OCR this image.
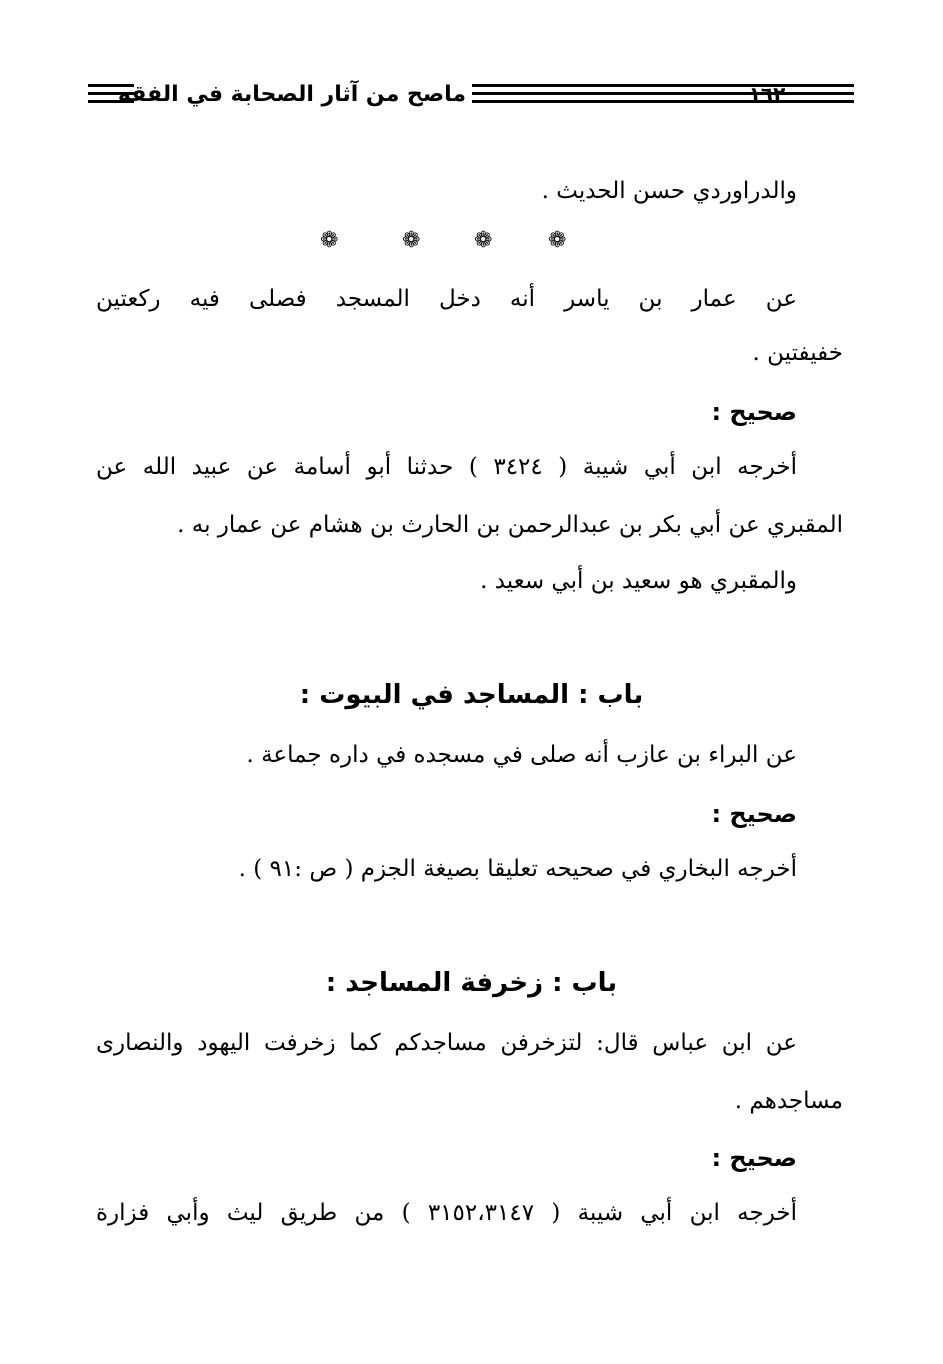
ماصح من آثار الصحابة في الفقه	١٦٢
والدراوردي حسن الحديث .
❁	❁ ❁	❁
عن عمار بن ياسر أنه دخل المسجد فصلى فيه ركعتين
خفيفتين .
صحيح :
أخرجه ابن أبي شيبة ( ٣٤٢٤ ) حدثنا أبو أسامة عن عبيد الله عن
المقبري عن أبي بكر بن عبدالرحمن بن الحارث بن هشام عن عمار به .
والمقبري هو سعيد بن أبي سعيد .
باب : المساجد في البيوت :
عن البراء بن عازب أنه صلى في مسجده في داره جماعة .
صحيح :
أخرجه البخاري في صحيحه تعليقا بصيغة الجزم ( ص :٩١ ) .
باب : زخرفة المساجد :
عن ابن عباس قال: لتزخرفن مساجدكم كما زخرفت اليهود والنصارى
مساجدهم .
صحيح :
أخرجه ابن أبي شيبة ( ٣١٥٢،٣١٤٧ ) من طريق ليث وأبي فزارة
